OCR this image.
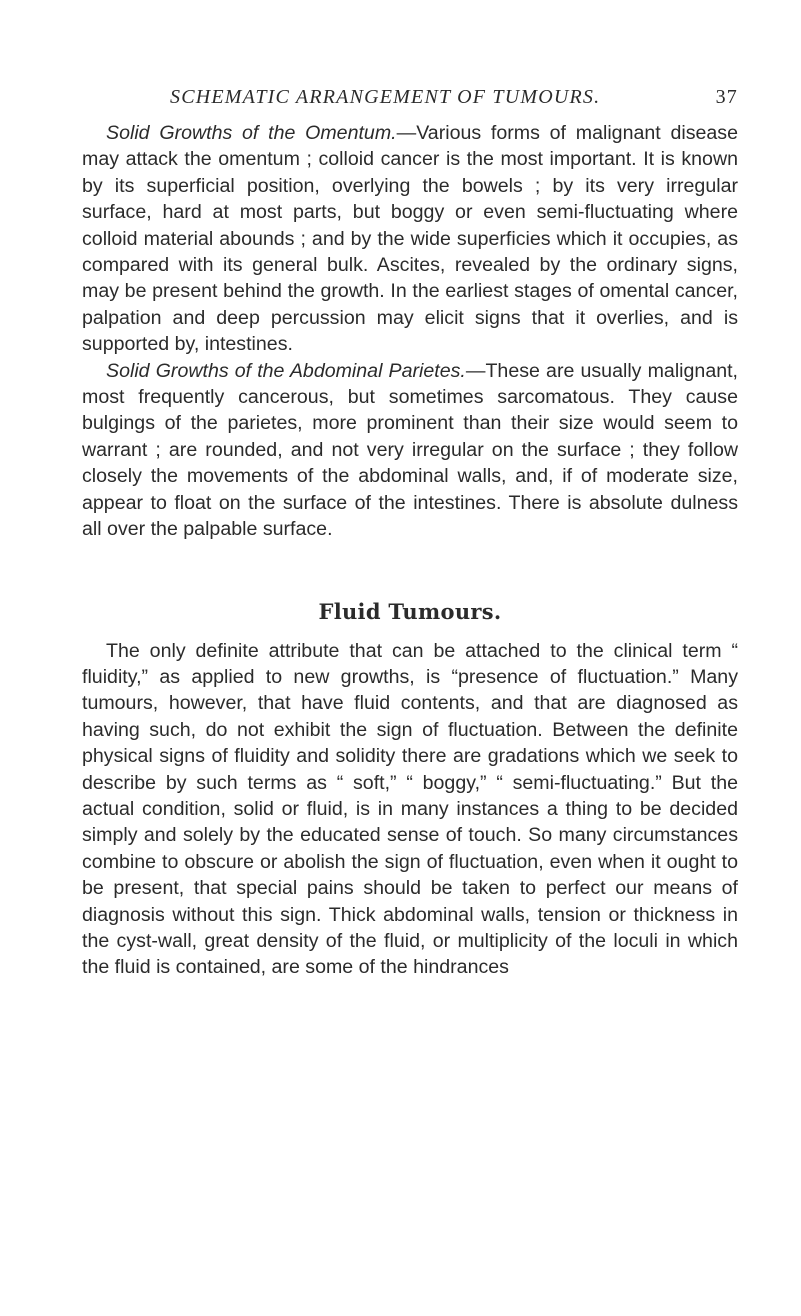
SCHEMATIC ARRANGEMENT OF TUMOURS.	37

Solid Growths of the Omentum.—Various forms of malignant disease may attack the omentum ; colloid cancer is the most important. It is known by its superficial position, overlying the bowels ; by its very irregular surface, hard at most parts, but boggy or even semi-fluctuating where colloid material abounds ; and by the wide superficies which it occupies, as compared with its general bulk. Ascites, revealed by the ordinary signs, may be present behind the growth. In the earliest stages of omental cancer, palpation and deep percussion may elicit signs that it overlies, and is supported by, intestines.

Solid Growths of the Abdominal Parietes.—These are usually malignant, most frequently cancerous, but sometimes sarcomatous. They cause bulgings of the parietes, more prominent than their size would seem to warrant ; are rounded, and not very irregular on the surface ; they follow closely the movements of the abdominal walls, and, if of moderate size, appear to float on the surface of the intestines. There is absolute dulness all over the palpable surface.

Fluid Tumours.

The only definite attribute that can be attached to the clinical term “ fluidity,” as applied to new growths, is “presence of fluctuation.” Many tumours, however, that have fluid contents, and that are diagnosed as having such, do not exhibit the sign of fluctuation. Between the definite physical signs of fluidity and solidity there are gradations which we seek to describe by such terms as “ soft,” “ boggy,” “ semi-fluctuating.” But the actual condition, solid or fluid, is in many instances a thing to be decided simply and solely by the educated sense of touch. So many circumstances combine to obscure or abolish the sign of fluctuation, even when it ought to be present, that special pains should be taken to perfect our means of diagnosis without this sign. Thick abdominal walls, tension or thickness in the cyst-wall, great density of the fluid, or multiplicity of the loculi in which the fluid is contained, are some of the hindrances
